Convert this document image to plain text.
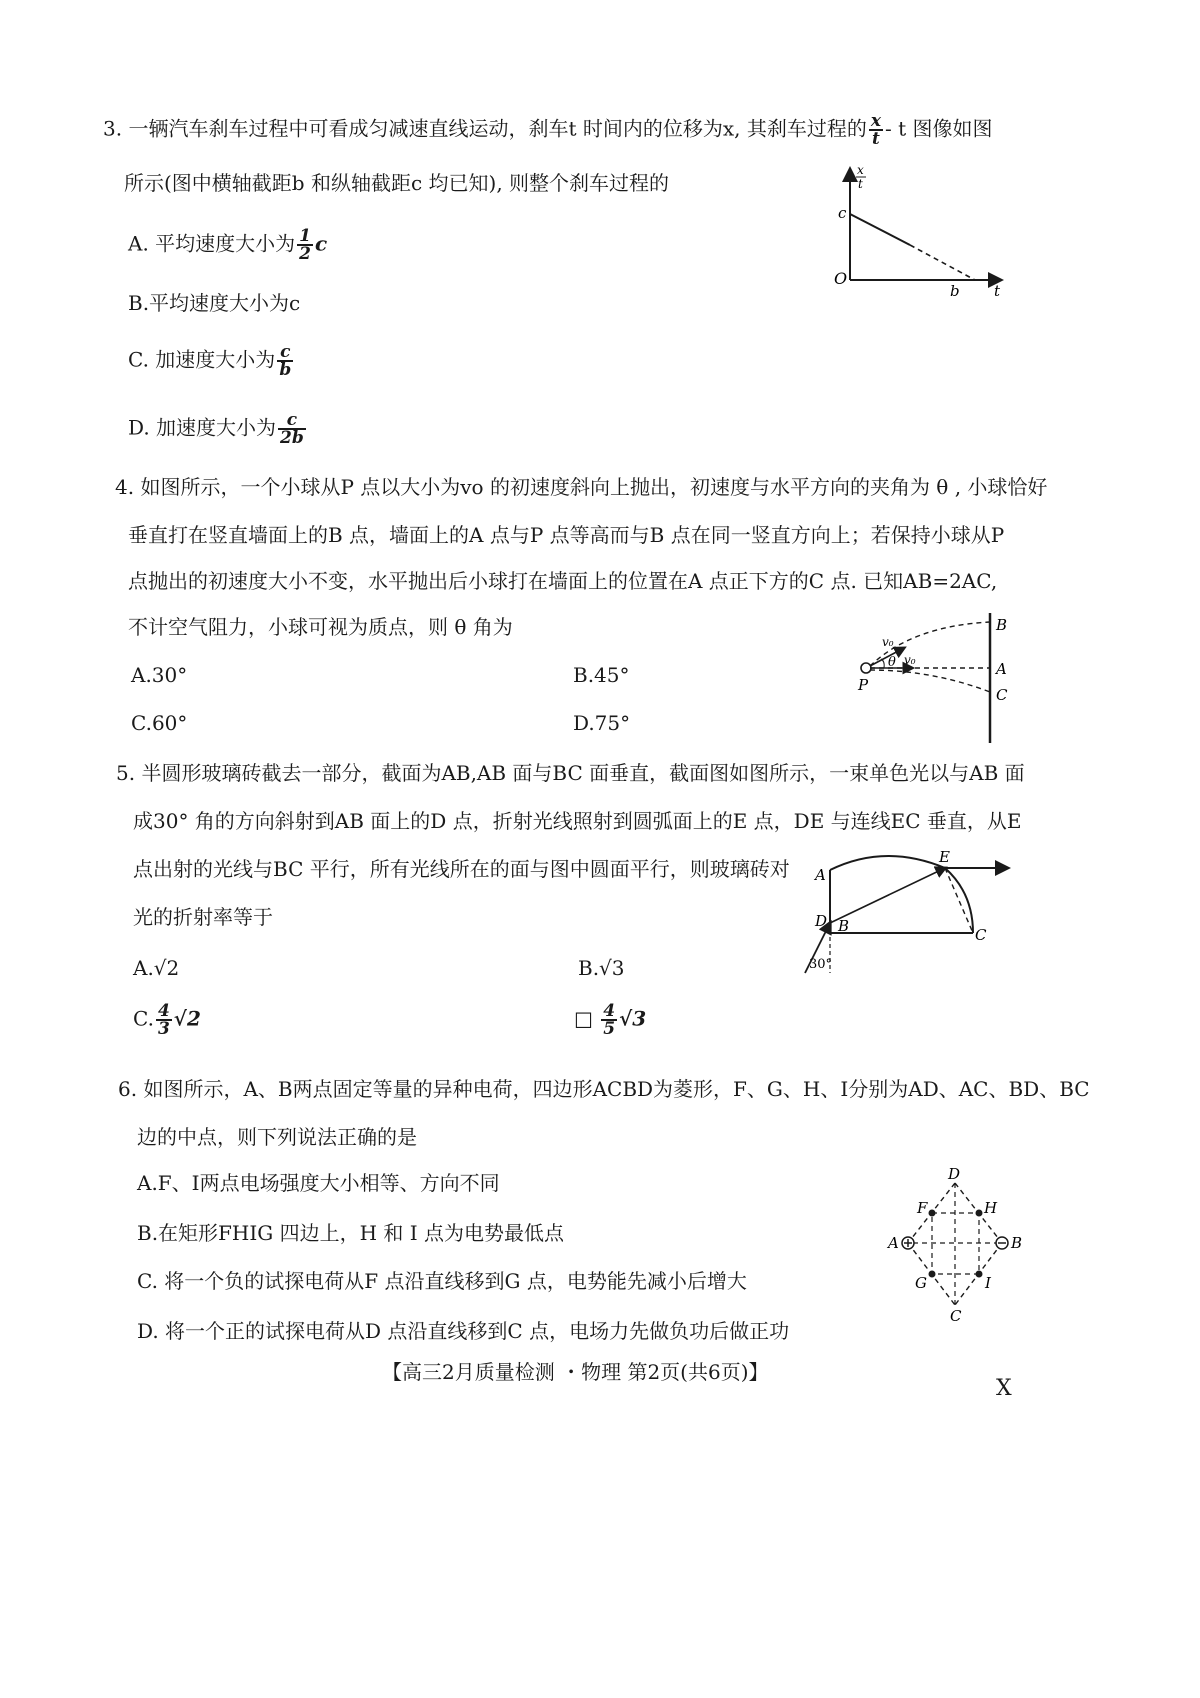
3. 一辆汽车刹车过程中可看成匀减速直线运动，刹车t 时间内的位移为x, 其刹车过程的 $\frac{x}{t}$ - t 图像如图
所示(图中横轴截距b 和纵轴截距c 均已知), 则整个刹车过程的
A. 平均速度大小为 $\frac{1}{2}$ c
B.平均速度大小为c
C. 加速度大小为 $\frac{c}{b}$
D. 加速度大小为 $\frac{c}{2b}$
x
t
c
O
b t
4. 如图所示，一个小球从P 点以大小为vo 的初速度斜向上抛出，初速度与水平方向的夹角为 θ , 小球恰好
垂直打在竖直墙面上的B 点，墙面上的A 点与P 点等高而与B 点在同一竖直方向上；若保持小球从P
点抛出的初速度大小不变，水平抛出后小球打在墙面上的位置在A 点正下方的C 点. 已知AB=2AC,
不计空气阻力，小球可视为质点，则 θ 角为
A.30°	B.45°
C.60°	D.75°
v₀
v₀
θ
P
B
A
C
5. 半圆形玻璃砖截去一部分，截面为AB,AB 面与BC 面垂直，截面图如图所示，一束单色光以与AB 面
成30° 角的方向斜射到AB 面上的D 点，折射光线照射到圆弧面上的E 点，DE 与连线EC 垂直，从E
点出射的光线与BC 平行，所有光线所在的面与图中圆面平行，则玻璃砖对
光的折射率等于
A.√2	B.√3
C. $\frac{4}{3} √2$	□ $\frac{4}{5} √3$
A
E
D B	C
30°
6. 如图所示，A、B两点固定等量的异种电荷，四边形ACBD为菱形，F、G、H、I分别为AD、AC、BD、BC
边的中点，则下列说法正确的是
A.F、I两点电场强度大小相等、方向不同
B.在矩形FHIG 四边上，H 和 I 点为电势最低点
C. 将一个负的试探电荷从F 点沿直线移到G 点，电势能先减小后增大
D. 将一个正的试探电荷从D 点沿直线移到C 点，电场力先做负功后做正功
D
F	H
A	B
G	I
C
【高三2月质量检测 ・物理 第2页(共6页)】
X
